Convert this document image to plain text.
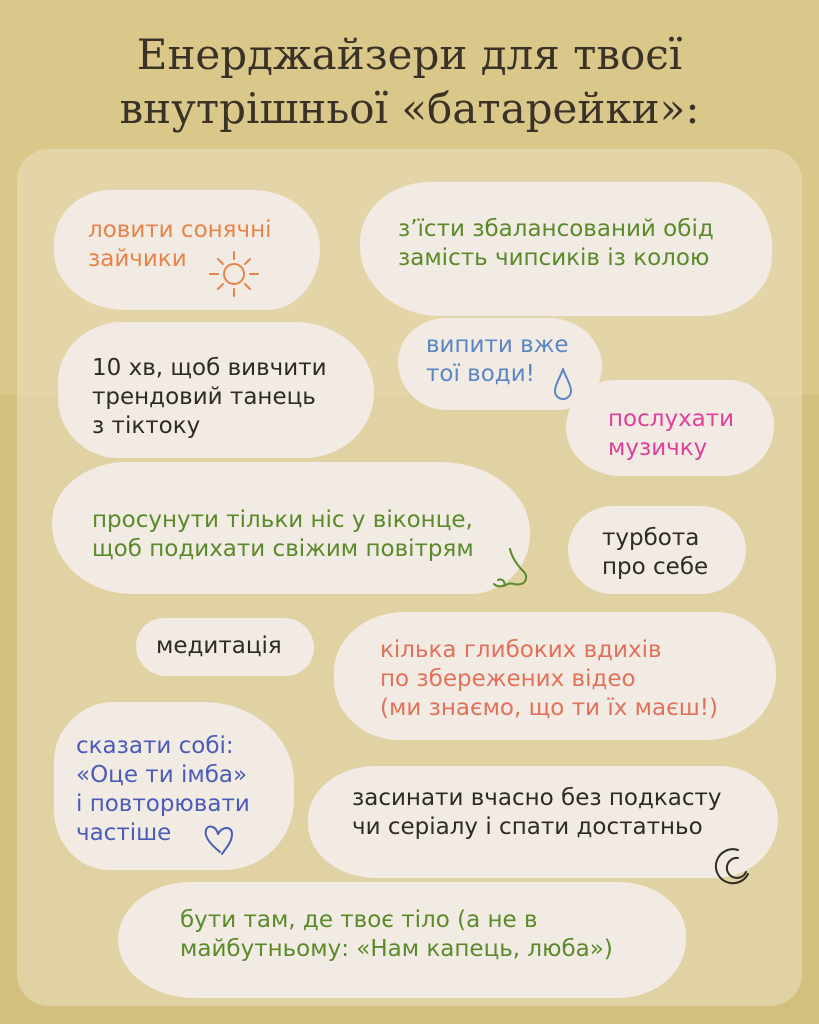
Енерджайзери для твоєї
внутрішньої «батарейки»:
ловити сонячні
зайчики
з’їсти збалансований обід
замість чипсиків із колою
10 хв, щоб вивчити
трендовий танець
з тіктоку
випити вже
тої води!
послухати
музичку
просунути тільки ніс у віконце,
щоб подихати свіжим повітрям	турбота
про себе
медитація	кілька глибоких вдихів
по збережених відео
(ми знаємо, що ти їх маєш!)
сказати собі:
«Оце ти імба»
і повторювати
частіше
засинати вчасно без подкасту
чи серіалу і спати достатньо
бути там, де твоє тіло (а не в
майбутньому: «Нам капець, люба»)
